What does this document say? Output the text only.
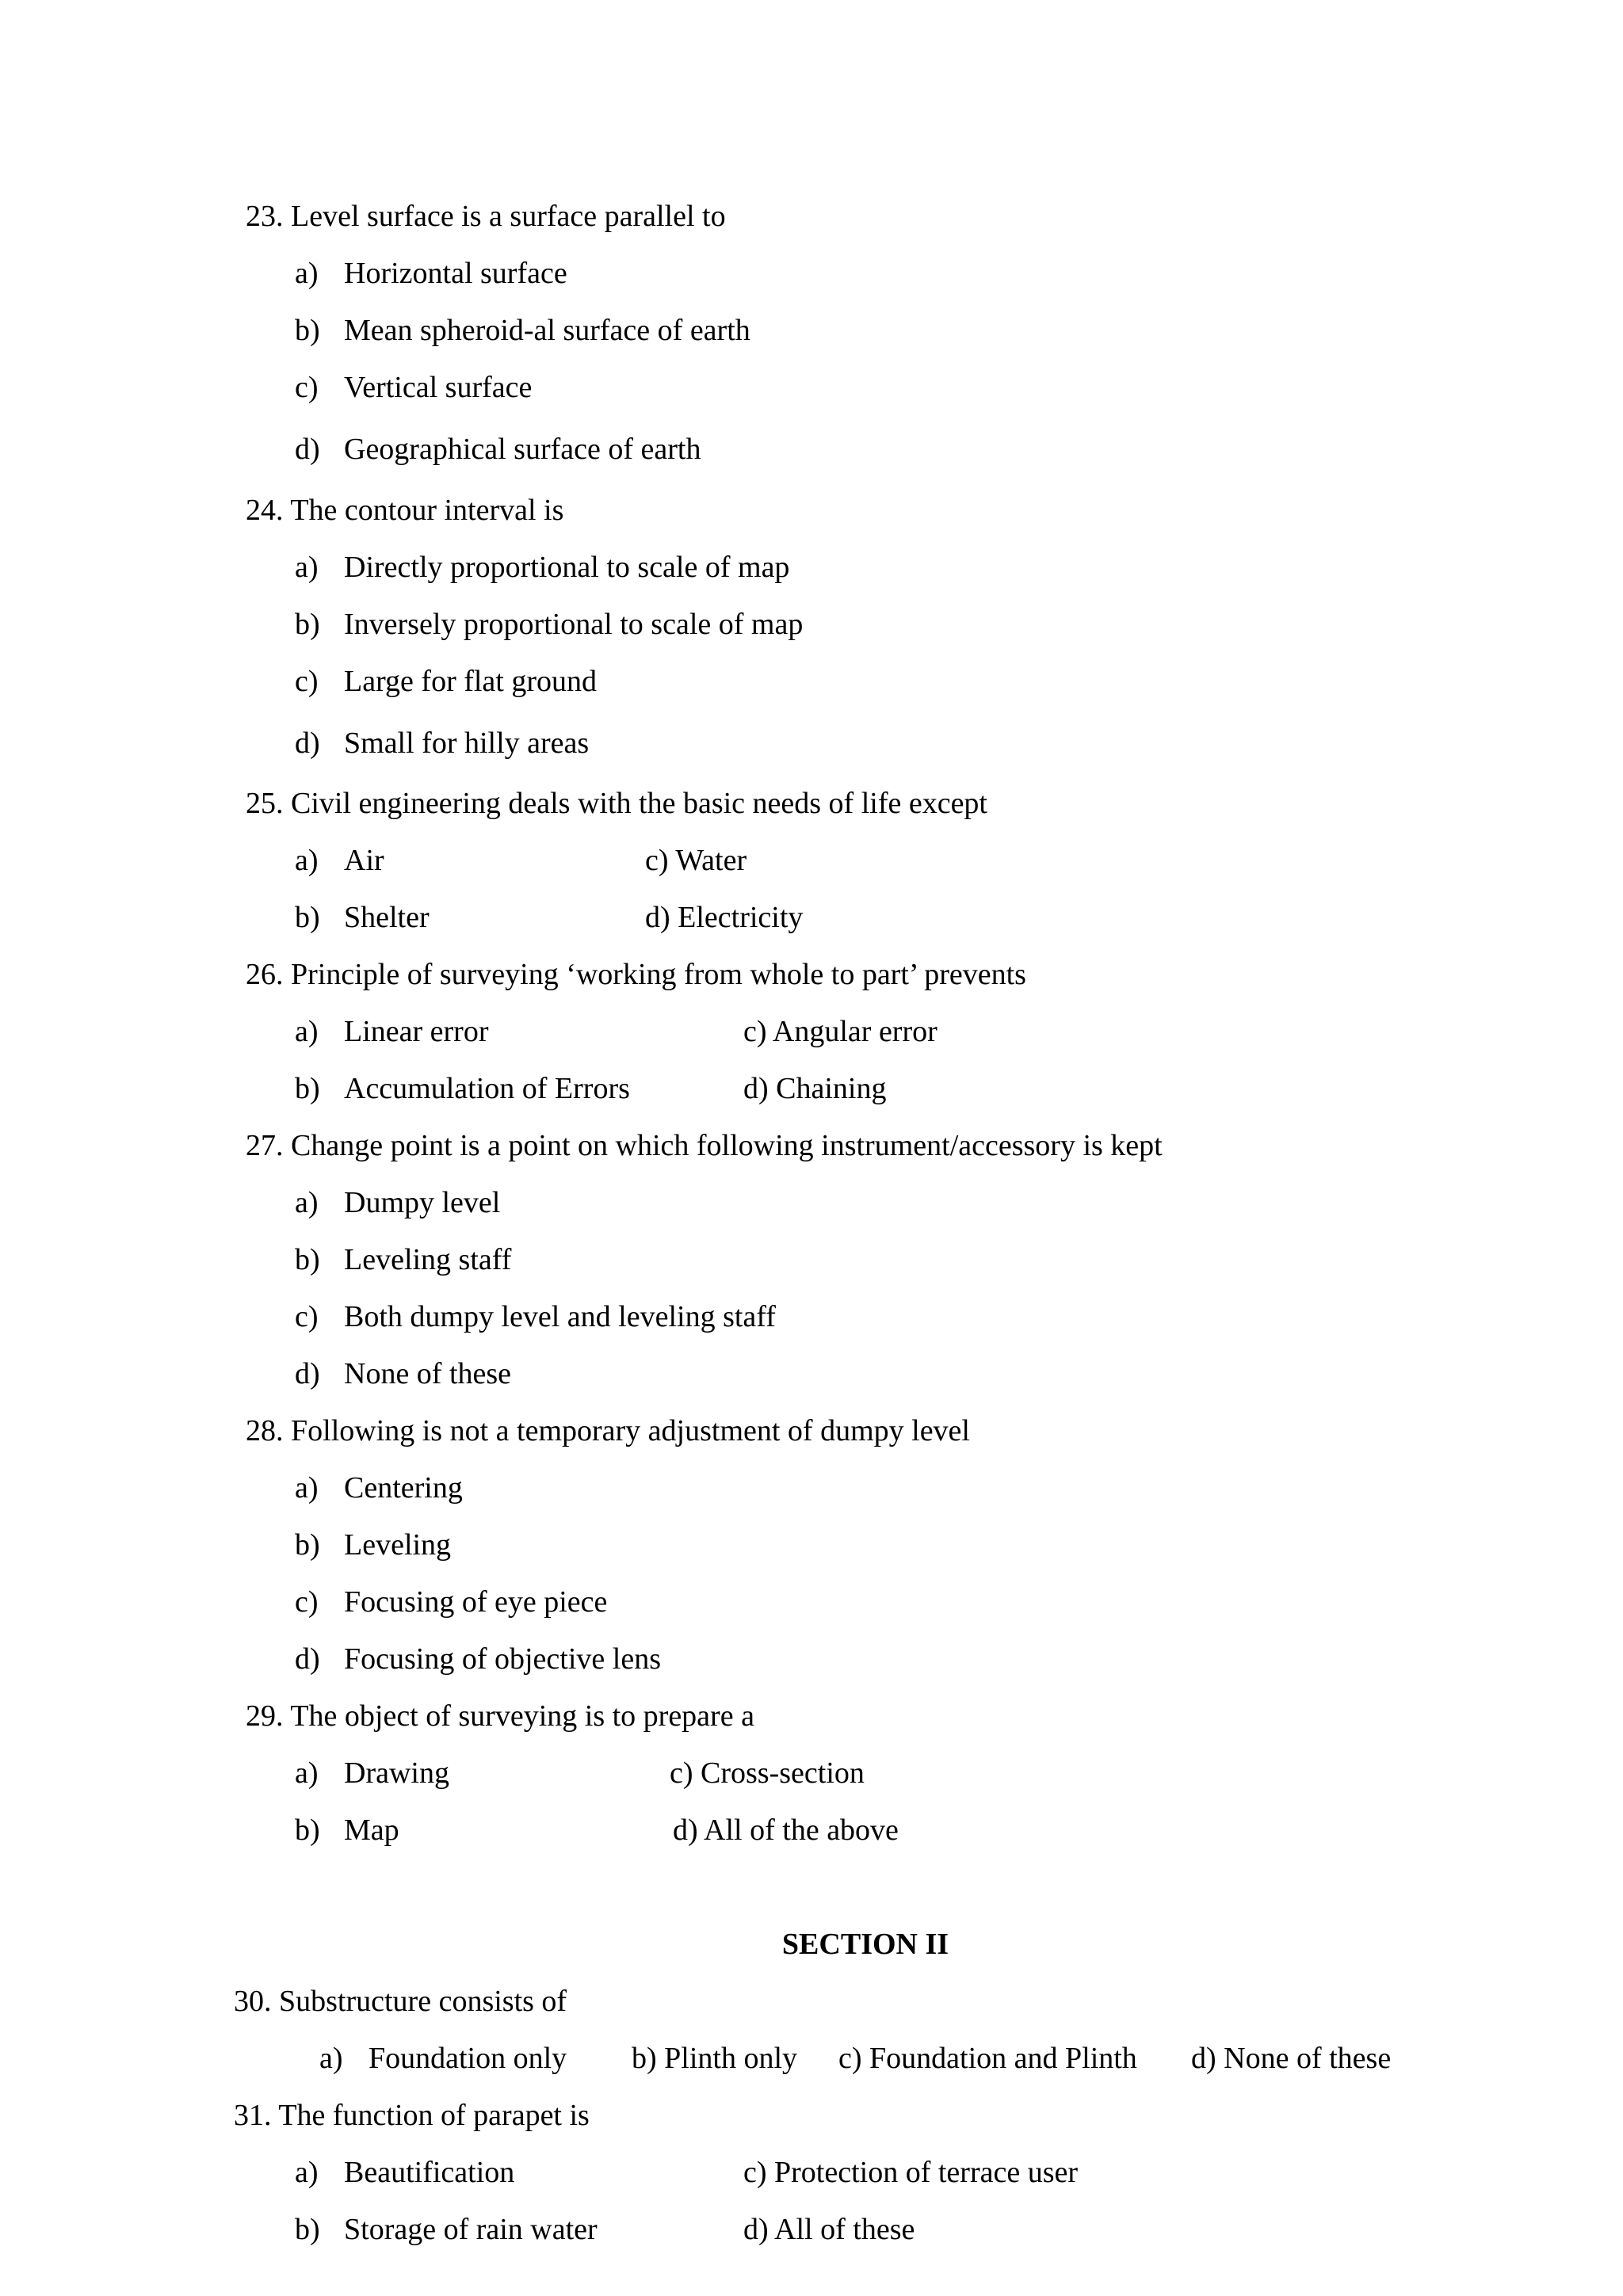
23. Level surface is a surface parallel to
a) Horizontal surface
b) Mean spheroid-al surface of earth
c) Vertical surface
d) Geographical surface of earth
24. The contour interval is
a) Directly proportional to scale of map
b) Inversely proportional to scale of map
c) Large for flat ground
d) Small for hilly areas
25. Civil engineering deals with the basic needs of life except
a) Air	c) Water
b) Shelter	d) Electricity
26. Principle of surveying ‘working from whole to part’ prevents
a) Linear error	c) Angular error
b) Accumulation of Errors	d) Chaining
27. Change point is a point on which following instrument/accessory is kept
a) Dumpy level
b) Leveling staff
c) Both dumpy level and leveling staff
d) None of these
28. Following is not a temporary adjustment of dumpy level
a) Centering
b) Leveling
c) Focusing of eye piece
d) Focusing of objective lens
29. The object of surveying is to prepare a
a) Drawing	c) Cross-section
b) Map	d) All of the above
SECTION II
30. Substructure consists of
a) Foundation only b) Plinth only c) Foundation and Plinth d) None of these
31. The function of parapet is
a) Beautification	c) Protection of terrace user
b) Storage of rain water	d) All of these
